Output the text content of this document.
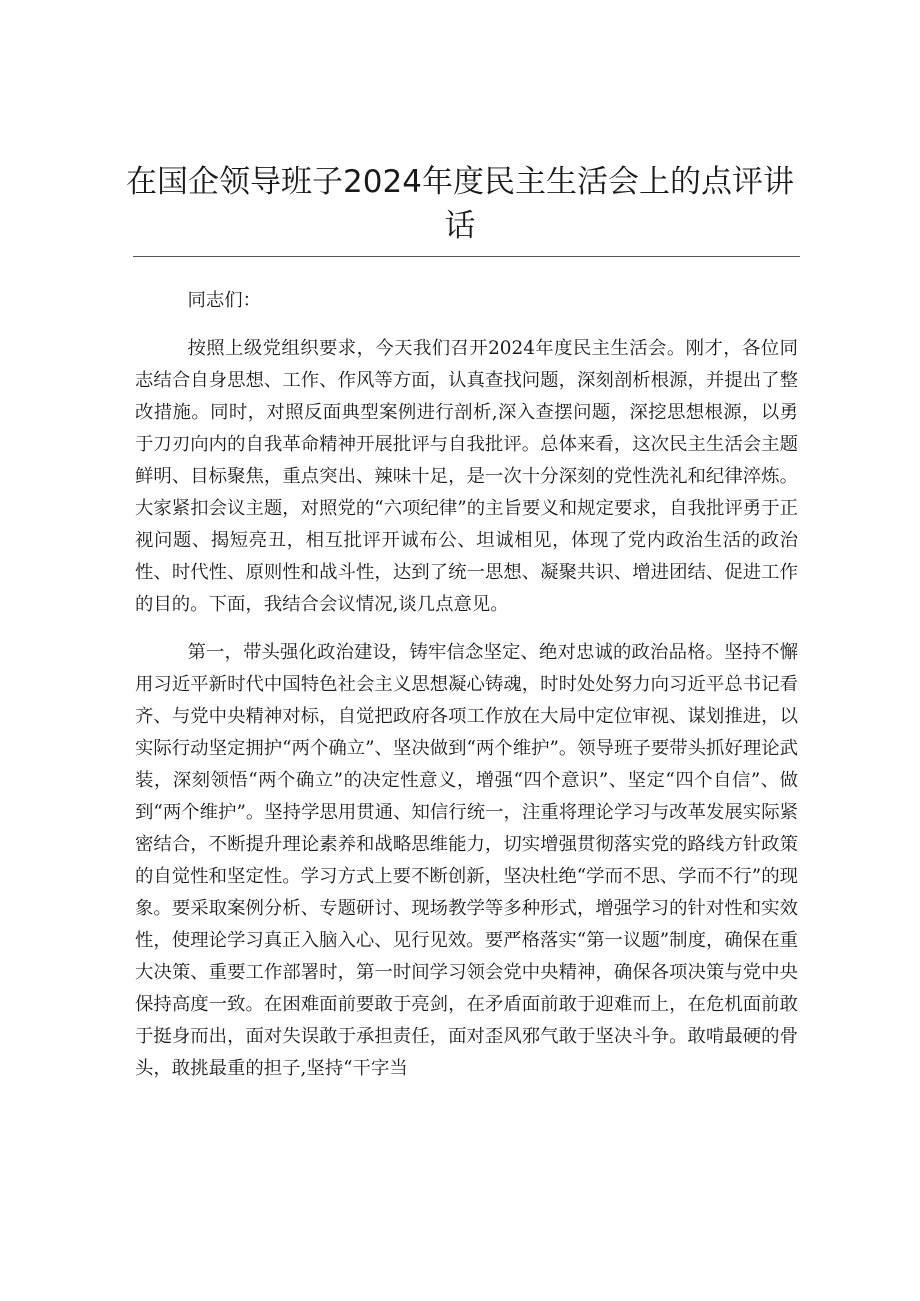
在国企领导班子2024年度民主生活会上的点评讲话

同志们：

按照上级党组织要求，今天我们召开2024年度民主生活会。刚才，各位同志结合自身思想、工作、作风等方面，认真查找问题，深刻剖析根源，并提出了整改措施。同时，对照反面典型案例进行剖析,深入查摆问题，深挖思想根源，以勇于刀刃向内的自我革命精神开展批评与自我批评。总体来看，这次民主生活会主题鲜明、目标聚焦，重点突出、辣味十足，是一次十分深刻的党性洗礼和纪律淬炼。大家紧扣会议主题，对照党的“六项纪律”的主旨要义和规定要求，自我批评勇于正视问题、揭短亮丑，相互批评开诚布公、坦诚相见，体现了党内政治生活的政治性、时代性、原则性和战斗性，达到了统一思想、凝聚共识、增进团结、促进工作的目的。下面，我结合会议情况,谈几点意见。

第一，带头强化政治建设，铸牢信念坚定、绝对忠诚的政治品格。坚持不懈用习近平新时代中国特色社会主义思想凝心铸魂，时时处处努力向习近平总书记看齐、与党中央精神对标，自觉把政府各项工作放在大局中定位审视、谋划推进，以实际行动坚定拥护“两个确立”、坚决做到“两个维护”。领导班子要带头抓好理论武装，深刻领悟“两个确立”的决定性意义，增强“四个意识”、坚定“四个自信”、做到“两个维护”。坚持学思用贯通、知信行统一，注重将理论学习与改革发展实际紧密结合，不断提升理论素养和战略思维能力，切实增强贯彻落实党的路线方针政策的自觉性和坚定性。学习方式上要不断创新，坚决杜绝“学而不思、学而不行”的现象。要采取案例分析、专题研讨、现场教学等多种形式，增强学习的针对性和实效性，使理论学习真正入脑入心、见行见效。要严格落实“第一议题”制度，确保在重大决策、重要工作部署时，第一时间学习领会党中央精神，确保各项决策与党中央保持高度一致。在困难面前要敢于亮剑，在矛盾面前敢于迎难而上，在危机面前敢于挺身而出，面对失误敢于承担责任，面对歪风邪气敢于坚决斗争。敢啃最硬的骨头，敢挑最重的担子,坚持“干字当
